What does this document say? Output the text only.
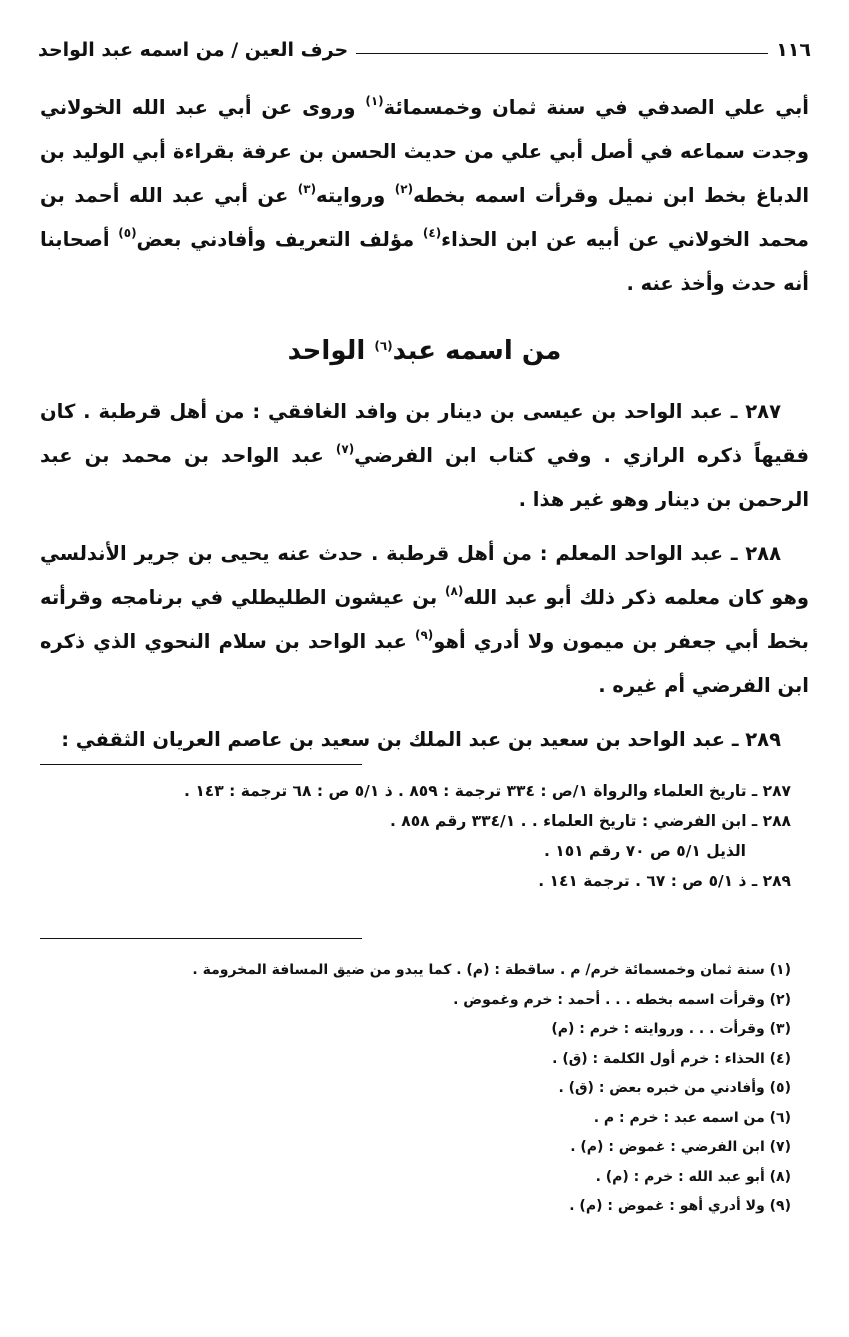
١١٦
حرف العين / من اسمه عبد الواحد

أبي علي الصدفي في سنة ثمان وخمسمائة$^{(١)}$ وروى عن أبي عبد الله الخولاني وجدت سماعه في أصل أبي علي من حديث الحسن بن عرفة بقراءة أبي الوليد بن الدباغ بخط ابن نميل وقرأت اسمه بخطه$^{(٢)}$ وروايته$^{(٣)}$ عن أبي عبد الله أحمد بن محمد الخولاني عن أبيه عن ابن الحذاء$^{(٤)}$ مؤلف التعريف وأفادني بعض$^{(٥)}$ أصحابنا أنه حدث وأخذ عنه .

من اسمه عبد$^{(٦)}$ الواحد

٢٨٧ ـ عبد الواحد بن عيسى بن دينار بن وافد الغافقي : من أهل قرطبة . كان فقيهاً ذكره الرازي . وفي كتاب ابن الفرضي$^{(٧)}$ عبد الواحد بن محمد بن عبد الرحمن بن دينار وهو غير هذا .

٢٨٨ ـ عبد الواحد المعلم : من أهل قرطبة . حدث عنه يحيى بن جرير الأندلسي وهو كان معلمه ذكر ذلك أبو عبد الله$^{(٨)}$ بن عيشون الطليطلي في برنامجه وقرأته بخط أبي جعفر بن ميمون ولا أدري أهو$^{(٩)}$ عبد الواحد بن سلام النحوي الذي ذكره ابن الفرضي أم غيره .

٢٨٩ ـ عبد الواحد بن سعيد بن عبد الملك بن سعيد بن عاصم العريان الثقفي :

٢٨٧ ـ تاريخ العلماء والرواة ١/ص : ٣٣٤ ترجمة : ٨٥٩ . ذ ٥/١ ص : ٦٨ ترجمة : ١٤٣ .
٢٨٨ ـ ابن الفرضي : تاريخ العلماء . . ٣٣٤/١ رقم ٨٥٨ .
الذيل ٥/١ ص ٧٠ رقم ١٥١ .
٢٨٩ ـ ذ ٥/١ ص : ٦٧ . ترجمة ١٤١ .
(١) سنة ثمان وخمسمائة خرم/ م . ساقطة : (م) . كما يبدو من ضيق المسافة المخرومة .
(٢) وقرأت اسمه بخطه . . . أحمد : خرم وغموض .
(٣) وقرأت . . . وروايته : خرم : (م)
(٤) الحذاء : خرم أول الكلمة : (ق) .
(٥) وأفادني من خبره بعض : (ق) .
(٦) من اسمه عبد : خرم : م .
(٧) ابن الفرضي : غموض : (م) .
(٨) أبو عبد الله : خرم : (م) .
(٩) ولا أدري أهو : غموض : (م) .
